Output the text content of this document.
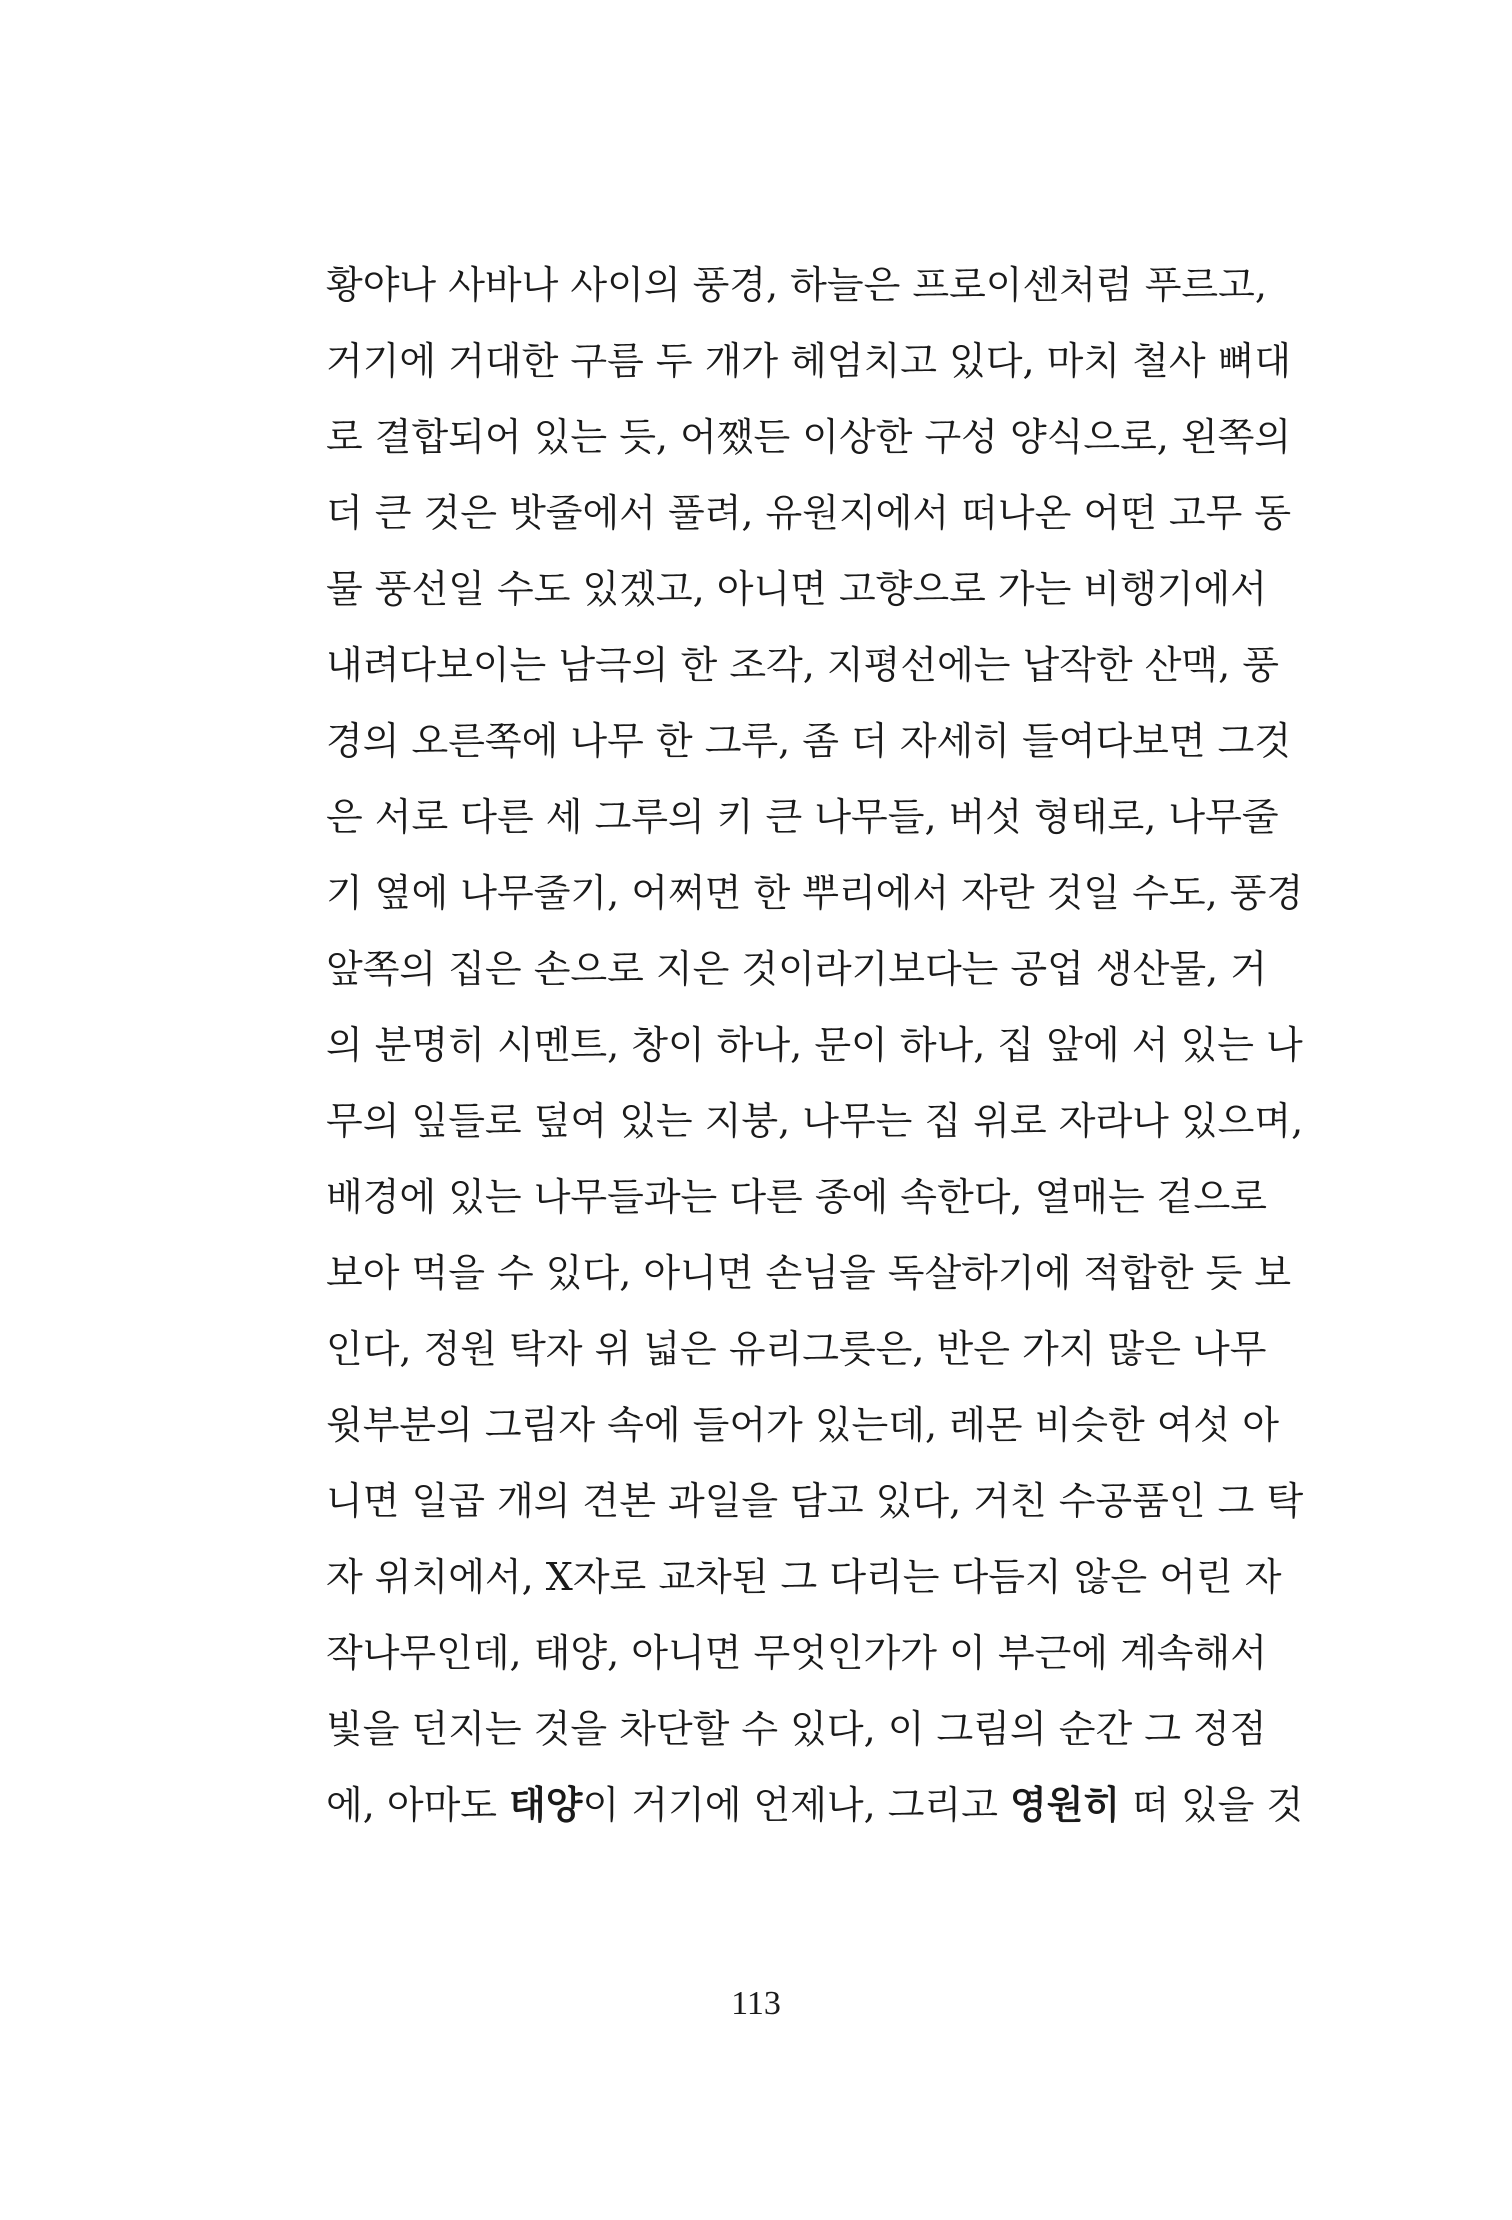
황야나 사바나 사이의 풍경, 하늘은 프로이센처럼 푸르고,
거기에 거대한 구름 두 개가 헤엄치고 있다, 마치 철사 뼈대
로 결합되어 있는 듯, 어쨌든 이상한 구성 양식으로, 왼쪽의
더 큰 것은 밧줄에서 풀려, 유원지에서 떠나온 어떤 고무 동
물 풍선일 수도 있겠고, 아니면 고향으로 가는 비행기에서
내려다보이는 남극의 한 조각, 지평선에는 납작한 산맥, 풍
경의 오른쪽에 나무 한 그루, 좀 더 자세히 들여다보면 그것
은 서로 다른 세 그루의 키 큰 나무들, 버섯 형태로, 나무줄
기 옆에 나무줄기, 어쩌면 한 뿌리에서 자란 것일 수도, 풍경
앞쪽의 집은 손으로 지은 것이라기보다는 공업 생산물, 거
의 분명히 시멘트, 창이 하나, 문이 하나, 집 앞에 서 있는 나
무의 잎들로 덮여 있는 지붕, 나무는 집 위로 자라나 있으며,
배경에 있는 나무들과는 다른 종에 속한다, 열매는 겉으로
보아 먹을 수 있다, 아니면 손님을 독살하기에 적합한 듯 보
인다, 정원 탁자 위 넓은 유리그릇은, 반은 가지 많은 나무
윗부분의 그림자 속에 들어가 있는데, 레몬 비슷한 여섯 아
니면 일곱 개의 견본 과일을 담고 있다, 거친 수공품인 그 탁
자 위치에서, X자로 교차된 그 다리는 다듬지 않은 어린 자
작나무인데, 태양, 아니면 무엇인가가 이 부근에 계속해서
빛을 던지는 것을 차단할 수 있다, 이 그림의 순간 그 정점
에, 아마도 태양이 거기에 언제나, 그리고 영원히 떠 있을 것
113
